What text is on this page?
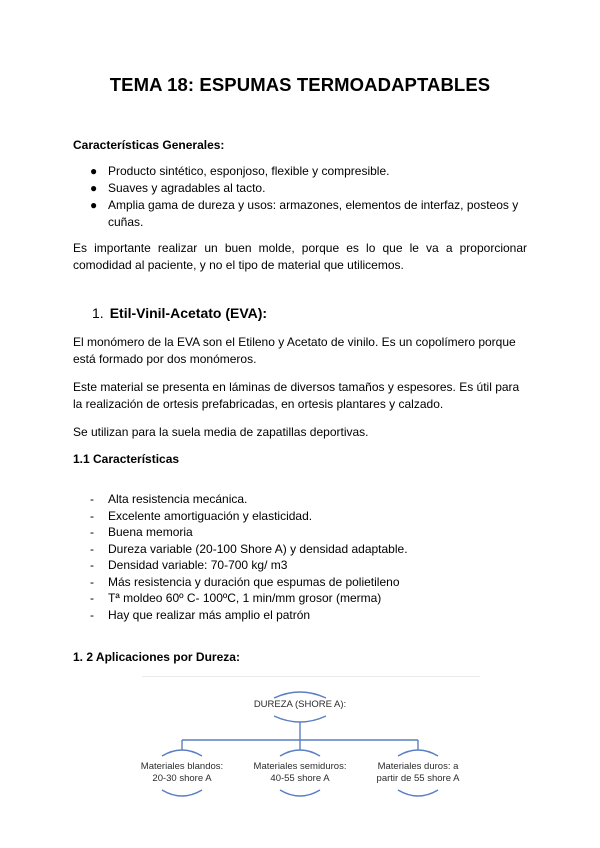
TEMA 18: ESPUMAS TERMOADAPTABLES

Características Generales:

● Producto sintético, esponjoso, flexible y compresible.
● Suaves y agradables al tacto.
● Amplia gama de dureza y usos: armazones, elementos de interfaz, posteos y cuñas.

Es importante realizar un buen molde, porque es lo que le va a proporcionar comodidad al paciente, y no el tipo de material que utilicemos.

1. Etil-Vinil-Acetato (EVA):

El monómero de la EVA son el Etileno y Acetato de vinilo. Es un copolímero porque está formado por dos monómeros.

Este material se presenta en láminas de diversos tamaños y espesores. Es útil para la realización de ortesis prefabricadas, en ortesis plantares y calzado.

Se utilizan para la suela media de zapatillas deportivas.

1.1 Características

- Alta resistencia mecánica.
- Excelente amortiguación y elasticidad.
- Buena memoria
- Dureza variable (20-100 Shore A) y densidad adaptable.
- Densidad variable: 70-700 kg/ m3
- Más resistencia y duración que espumas de polietileno
- Tª moldeo 60º C- 100ºC, 1 min/mm grosor (merma)
- Hay que realizar más amplio el patrón

1. 2 Aplicaciones por Dureza:

DUREZA (SHORE A):
Materiales blandos:
20-30 shore A
Materiales semiduros:
40-55 shore A
Materiales duros: a
partir de 55 shore A
